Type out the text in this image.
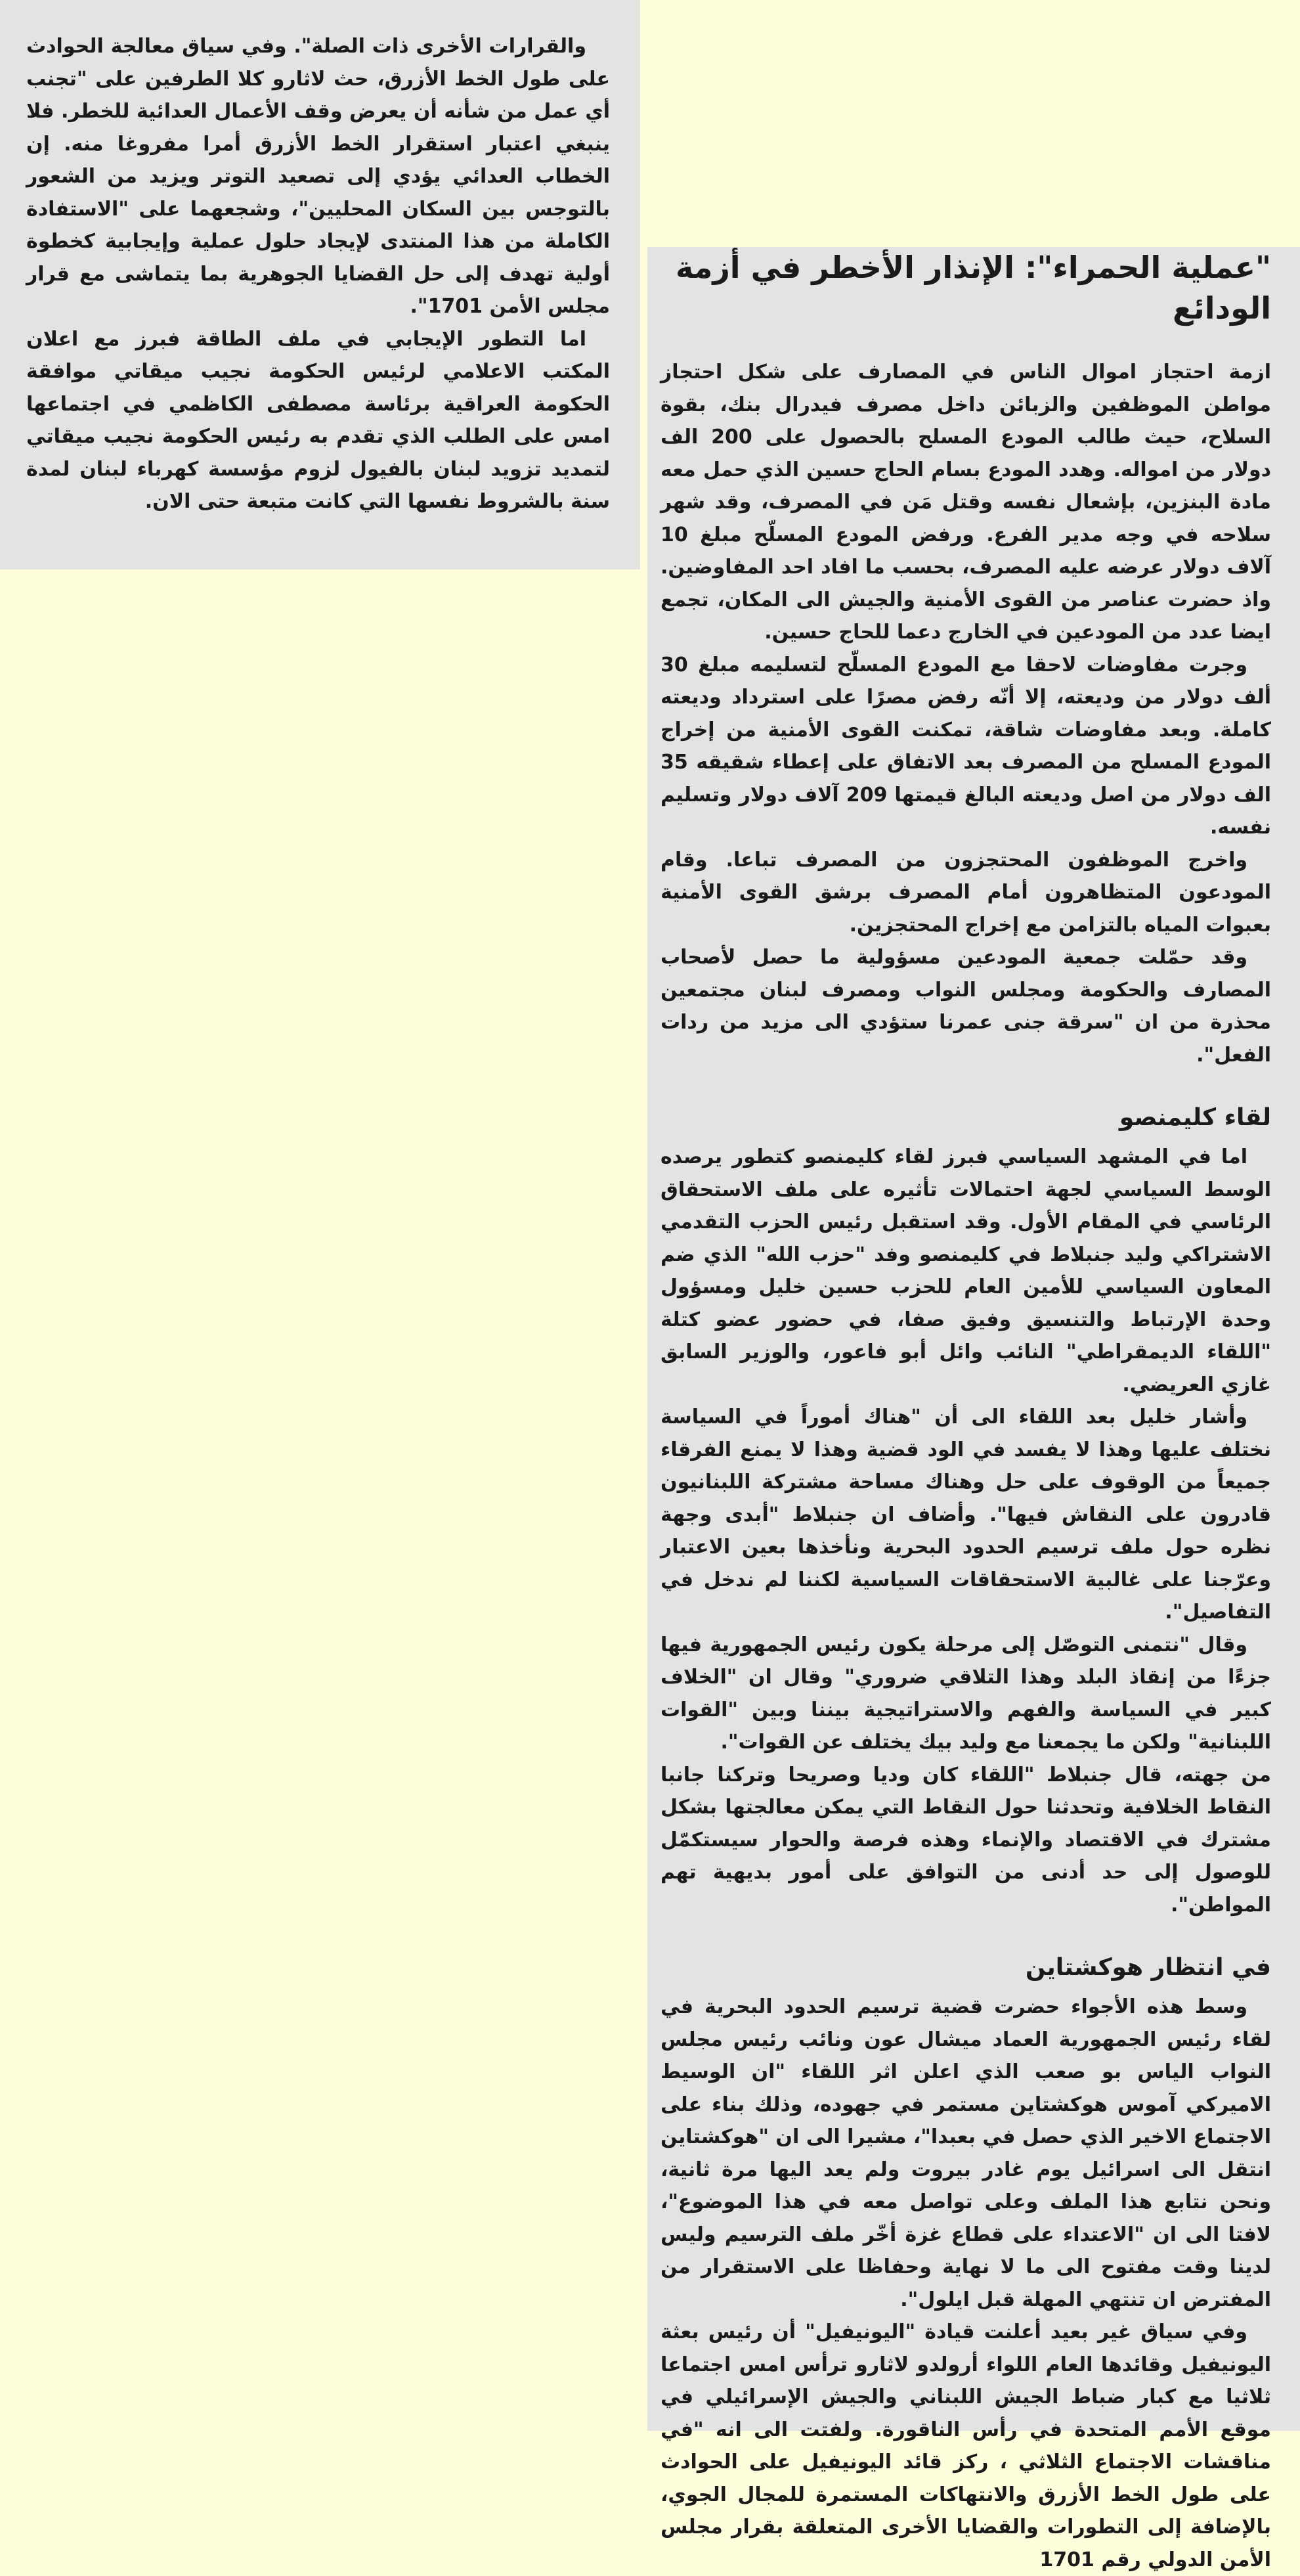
والقرارات الأخرى ذات الصلة". وفي سياق معالجة الحوادث على طول الخط الأزرق، حث لاثارو كلا الطرفين على "تجنب أي عمل من شأنه أن يعرض وقف الأعمال العدائية للخطر. فلا ينبغي اعتبار استقرار الخط الأزرق أمرا مفروغا منه. إن الخطاب العدائي يؤدي إلى تصعيد التوتر ويزيد من الشعور بالتوجس بين السكان المحليين"، وشجعهما على "الاستفادة الكاملة من هذا المنتدى لإيجاد حلول عملية وإيجابية كخطوة أولية تهدف إلى حل القضايا الجوهرية بما يتماشى مع قرار مجلس الأمن 1701".

اما التطور الإيجابي في ملف الطاقة فبرز مع اعلان المكتب الاعلامي لرئيس الحكومة نجيب ميقاتي موافقة الحكومة العراقية برئاسة مصطفى الكاظمي في اجتماعها امس على الطلب الذي تقدم به رئيس الحكومة نجيب ميقاتي لتمديد تزويد لبنان بالفيول لزوم مؤسسة كهرباء لبنان لمدة سنة بالشروط نفسها التي كانت متبعة حتى الان.

"عملية الحمراء": الإنذار الأخطر في أزمة الودائع

ازمة احتجاز اموال الناس في المصارف على شكل احتجاز مواطن الموظفين والزبائن داخل مصرف فيدرال بنك، بقوة السلاح، حيث طالب المودع المسلح بالحصول على 200 الف دولار من امواله. وهدد المودع بسام الحاج حسين الذي حمل معه مادة البنزين، بإشعال نفسه وقتل مَن في المصرف، وقد شهر سلاحه في وجه مدير الفرع. ورفض المودع المسلّح مبلغ 10 آلاف دولار عرضه عليه المصرف، بحسب ما افاد احد المفاوضين. واذ حضرت عناصر من القوى الأمنية والجيش الى المكان، تجمع ايضا عدد من المودعين في الخارج دعما للحاج حسين.

وجرت مفاوضات لاحقا مع المودع المسلّح لتسليمه مبلغ 30 ألف دولار من وديعته، إلا أنّه رفض مصرًا على استرداد وديعته كاملة. وبعد مفاوضات شاقة، تمكنت القوى الأمنية من إخراج المودع المسلح من المصرف بعد الاتفاق على إعطاء شقيقه 35 الف دولار من اصل وديعته البالغ قيمتها 209 آلاف دولار وتسليم نفسه.

واخرج الموظفون المحتجزون من المصرف تباعا. وقام المودعون المتظاهرون أمام المصرف برشق القوى الأمنية بعبوات المياه بالتزامن مع إخراج المحتجزين.

وقد حمّلت جمعية المودعين مسؤولية ما حصل لأصحاب المصارف والحكومة ومجلس النواب ومصرف لبنان مجتمعين محذرة من ان "سرقة جنى عمرنا ستؤدي الى مزيد من ردات الفعل".

لقاء كليمنصو

اما في المشهد السياسي فبرز لقاء كليمنصو كتطور يرصده الوسط السياسي لجهة احتمالات تأثيره على ملف الاستحقاق الرئاسي في المقام الأول. وقد استقبل رئيس الحزب التقدمي الاشتراكي وليد جنبلاط في كليمنصو وفد "حزب الله" الذي ضم المعاون السياسي للأمين العام للحزب حسين خليل ومسؤول وحدة الإرتباط والتنسيق وفيق صفا، في حضور عضو كتلة "اللقاء الديمقراطي" النائب وائل أبو فاعور، والوزير السابق غازي العريضي.

وأشار خليل بعد اللقاء الى أن "هناك أموراً في السياسة نختلف عليها وهذا لا يفسد في الود قضية وهذا لا يمنع الفرقاء جميعاً من الوقوف على حل وهناك مساحة مشتركة اللبنانيون قادرون على النقاش فيها". وأضاف ان جنبلاط "أبدى وجهة نظره حول ملف ترسيم الحدود البحرية ونأخذها بعين الاعتبار وعرّجنا على غالبية الاستحقاقات السياسية لكننا لم ندخل في التفاصيل".

وقال "نتمنى التوصّل إلى مرحلة يكون رئيس الجمهورية فيها جزءًا من إنقاذ البلد وهذا التلاقي ضروري" وقال ان "الخلاف كبير في السياسة والفهم والاستراتيجية بيننا وبين "القوات اللبنانية" ولكن ما يجمعنا مع وليد بيك يختلف عن القوات".

من جهته، قال جنبلاط "اللقاء كان وديا وصريحا وتركنا جانبا النقاط الخلافية وتحدثنا حول النقاط التي يمكن معالجتها بشكل مشترك في الاقتصاد والإنماء وهذه فرصة والحوار سيستكمّل للوصول إلى حد أدنى من التوافق على أمور بديهية تهم المواطن".

في انتظار هوكشتاين

وسط هذه الأجواء حضرت قضية ترسيم الحدود البحرية في لقاء رئيس الجمهورية العماد ميشال عون ونائب رئيس مجلس النواب الياس بو صعب الذي اعلن اثر اللقاء "ان الوسيط الاميركي آموس هوكشتاين مستمر في جهوده، وذلك بناء على الاجتماع الاخير الذي حصل في بعبدا"، مشيرا الى ان "هوكشتاين انتقل الى اسرائيل يوم غادر بيروت ولم يعد اليها مرة ثانية، ونحن نتابع هذا الملف وعلى تواصل معه في هذا الموضوع"، لافتا الى ان "الاعتداء على قطاع غزة أخّر ملف الترسيم وليس لدينا وقت مفتوح الى ما لا نهاية وحفاظا على الاستقرار من المفترض ان تنتهي المهلة قبل ايلول".

وفي سياق غير بعيد أعلنت قيادة "اليونيفيل" أن رئيس بعثة اليونيفيل وقائدها العام اللواء أرولدو لاثارو ترأس امس اجتماعا ثلاثيا مع كبار ضباط الجيش اللبناني والجيش الإسرائيلي في موقع الأمم المتحدة في رأس الناقورة. ولفتت الى انه "في مناقشات الاجتماع الثلاثي ، ركز قائد اليونيفيل على الحوادث على طول الخط الأزرق والانتهاكات المستمرة للمجال الجوي، بالإضافة إلى التطورات والقضايا الأخرى المتعلقة بقرار مجلس الأمن الدولي رقم 1701
